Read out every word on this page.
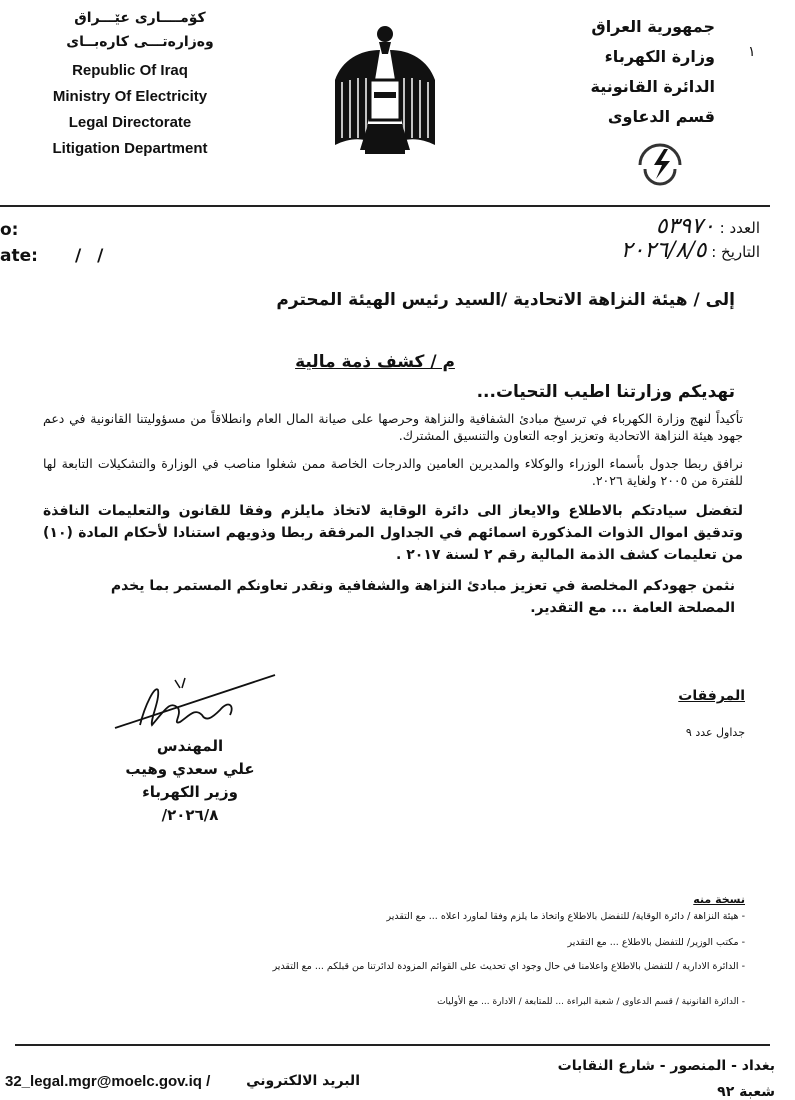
كۆمــــارى عێـــراق
وەزارەتـــى كارەبــاى
Republic Of Iraq
Ministry Of Electricity
Legal Directorate
Litigation Department
جمهورية العراق
وزارة الكهرباء
الدائرة القانونية
قسم الدعاوى
١
o:
ate: / /
العدد : ٥٣٩٧٠
التاريخ : ٢٠٢٦/٨/٥
إلى / هيئة النزاهة الاتحادية /السيد رئيس الهيئة المحترم
م / كشف ذمة مالية
تهديكم وزارتنا اطيب التحيات...
تأكيداً لنهج وزارة الكهرباء في ترسيخ مبادئ الشفافية والنزاهة وحرصها على صيانة المال العام وانطلاقاً من مسؤوليتنا القانونية في دعم جهود هيئة النزاهة الاتحادية وتعزيز اوجه التعاون والتنسيق المشترك.
نرافق ربطا جدول بأسماء الوزراء والوكلاء والمديرين العامين والدرجات الخاصة ممن شغلوا مناصب في الوزارة والتشكيلات التابعة لها للفترة من ٢٠٠٥ ولغاية ٢٠٢٦.
لتفضل سيادتكم بالاطلاع والايعاز الى دائرة الوقاية لاتخاذ مايلزم وفقا للقانون والتعليمات النافذة وتدقيق اموال الذوات المذكورة اسمائهم في الجداول المرفقة ربطا وذويهم استنادا لأحكام المادة (١٠) من تعليمات كشف الذمة المالية رقم ٢ لسنة ٢٠١٧ .
نثمن جهودكم المخلصة في تعزيز مبادئ النزاهة والشفافية ونقدر تعاونكم المستمر بما يخدم المصلحة العامة ... مع التقدير.
المهندس
علي سعدي وهيب
وزير الكهرباء
٢٠٢٦/٨/
المرفقات
جداول عدد ٩
نسخة منه
- هيئة النزاهة / دائرة الوقاية/ للتفضل بالاطلاع واتخاذ ما يلزم وفقا لماورد اعلاه ... مع التقدير
- مكتب الوزير/ للتفضل بالاطلاع ... مع التقدير
- الدائرة الادارية / للتفضل بالاطلاع واعلامنا في حال وجود اي تحديث على القوائم المزودة لدائرتنا من قبلكم ... مع التقدير
- الدائرة القانونية / قسم الدعاوى / شعبة البراءة ... للمتابعة / الادارة ... مع الأوليات
32_legal.mgr@moelc.gov.iq /	البريد الالكتروني
بغداد - المنصور - شارع النقابات
شعبة ٩٢
